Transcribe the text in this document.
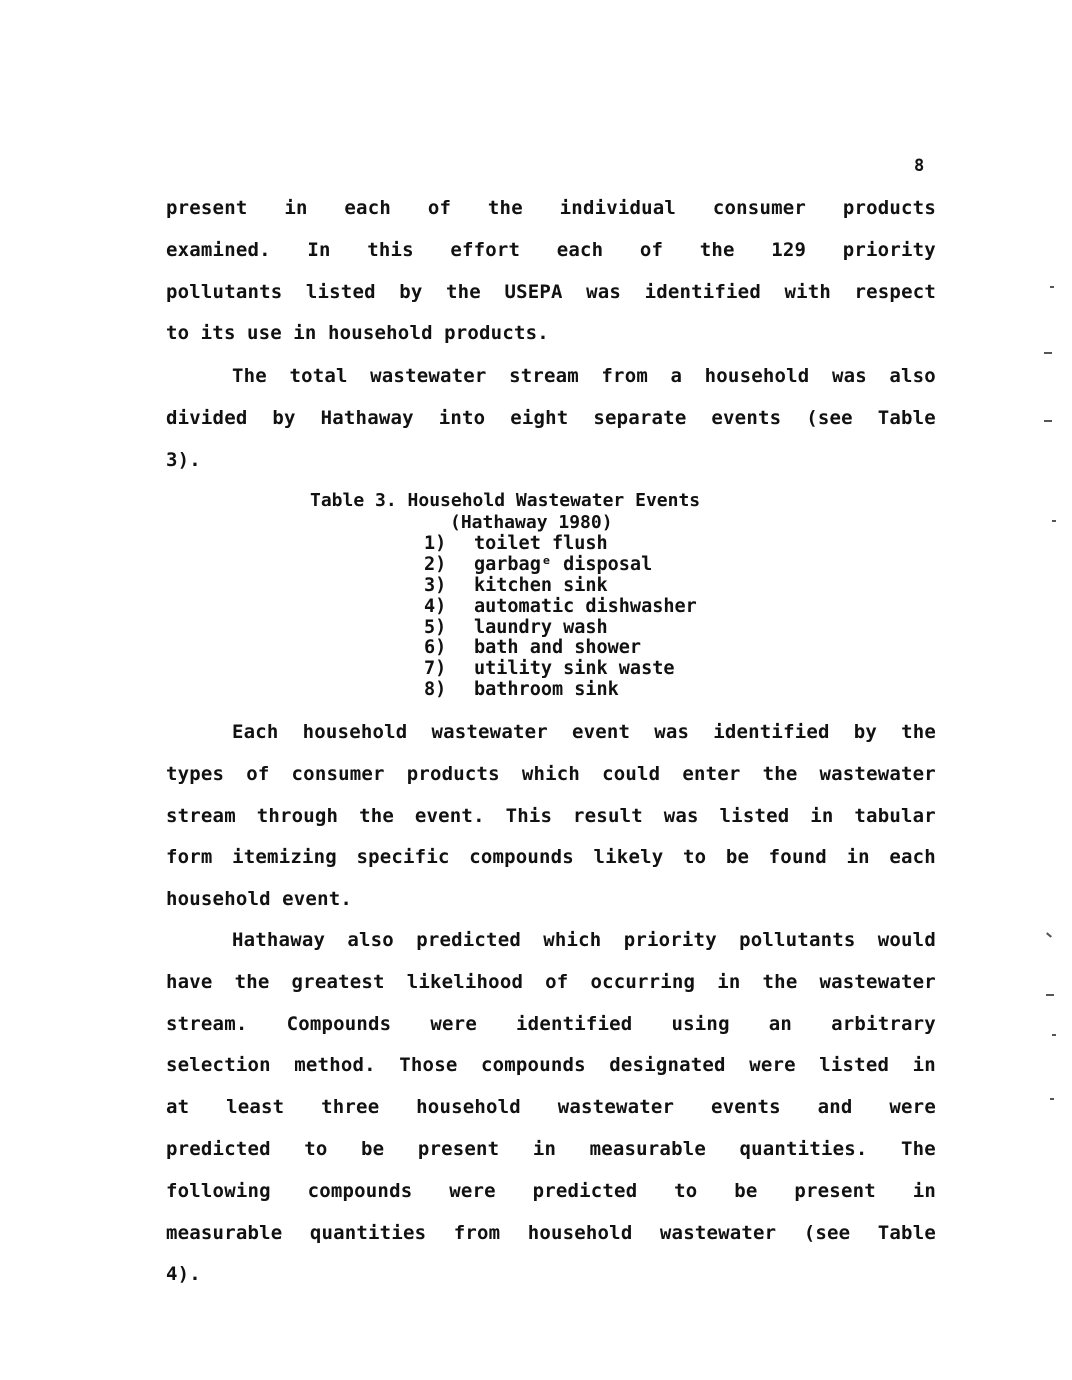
8
present in each of the individual consumer products
examined. In this effort each of the 129 priority
pollutants listed by the USEPA was identified with respect
to its use in household products.
The total wastewater stream from a household was also
divided by Hathaway into eight separate events (see Table
3).
Table 3. Household Wastewater Events
(Hathaway 1980)
1) toilet flush
2) garbagᵉ disposal
3) kitchen sink
4) automatic dishwasher
5) laundry wash
6) bath and shower
7) utility sink waste
8) bathroom sink
Each household wastewater event was identified by the
types of consumer products which could enter the wastewater
stream through the event. This result was listed in tabular
form itemizing specific compounds likely to be found in each
household event.
Hathaway also predicted which priority pollutants would
have the greatest likelihood of occurring in the wastewater
stream. Compounds were identified using an arbitrary
selection method. Those compounds designated were listed in
at least three household wastewater events and were
predicted to be present in measurable quantities. The
following compounds were predicted to be present in
measurable quantities from household wastewater (see Table
4).
